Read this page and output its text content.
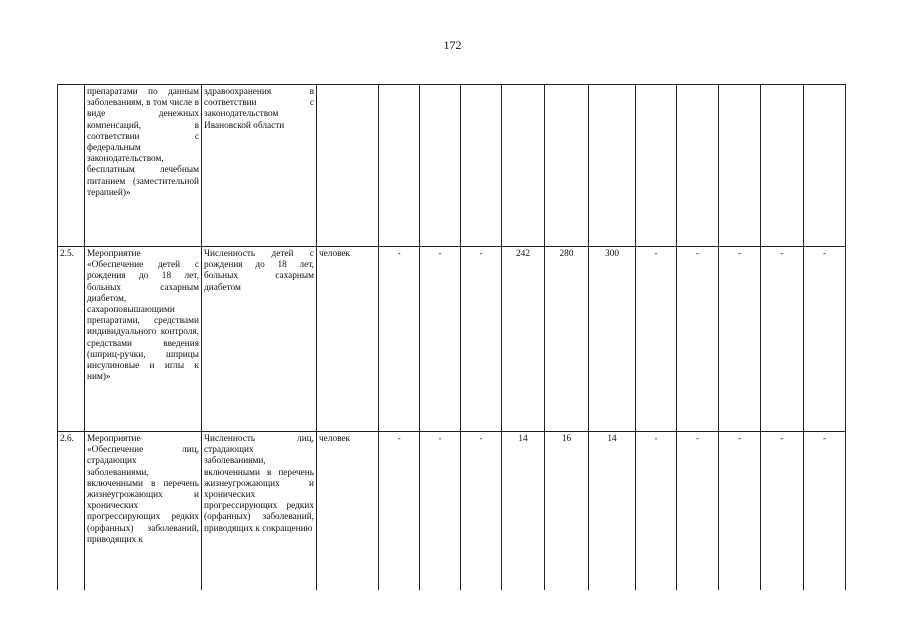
172
	препаратами по данным заболеваниям, в том числе в виде денежных компенсаций, в соответствии с федеральным законодательством, бесплатным лечебным питанием (заместительной терапией)»	здравоохранения в соответствии с законодательством Ивановской области												
2.5.	Мероприятие «Обеспечение детей с рождения до 18 лет, больных сахарным диабетом, сахароповышающими препаратами, средствами индивидуального контроля, средствами введения (шприц-ручки, шприцы инсулиновые и иглы к ним)»	Численность детей с рождения до 18 лет, больных сахарным диабетом	человек	-	-	-	242	280	300	-	-	-	-	-
2.6.	Мероприятие «Обеспечение лиц, страдающих заболеваниями, включенными в перечень жизнеугрожающих и хронических прогрессирующих редких (орфанных) заболеваний, приводящих к	Численность лиц, страдающих заболеваниями, включенными в перечень жизнеугрожающих и хронических прогрессирующих редких (орфанных) заболеваний, приводящих к сокращению	человек	-	-	-	14	16	14	-	-	-	-	-
